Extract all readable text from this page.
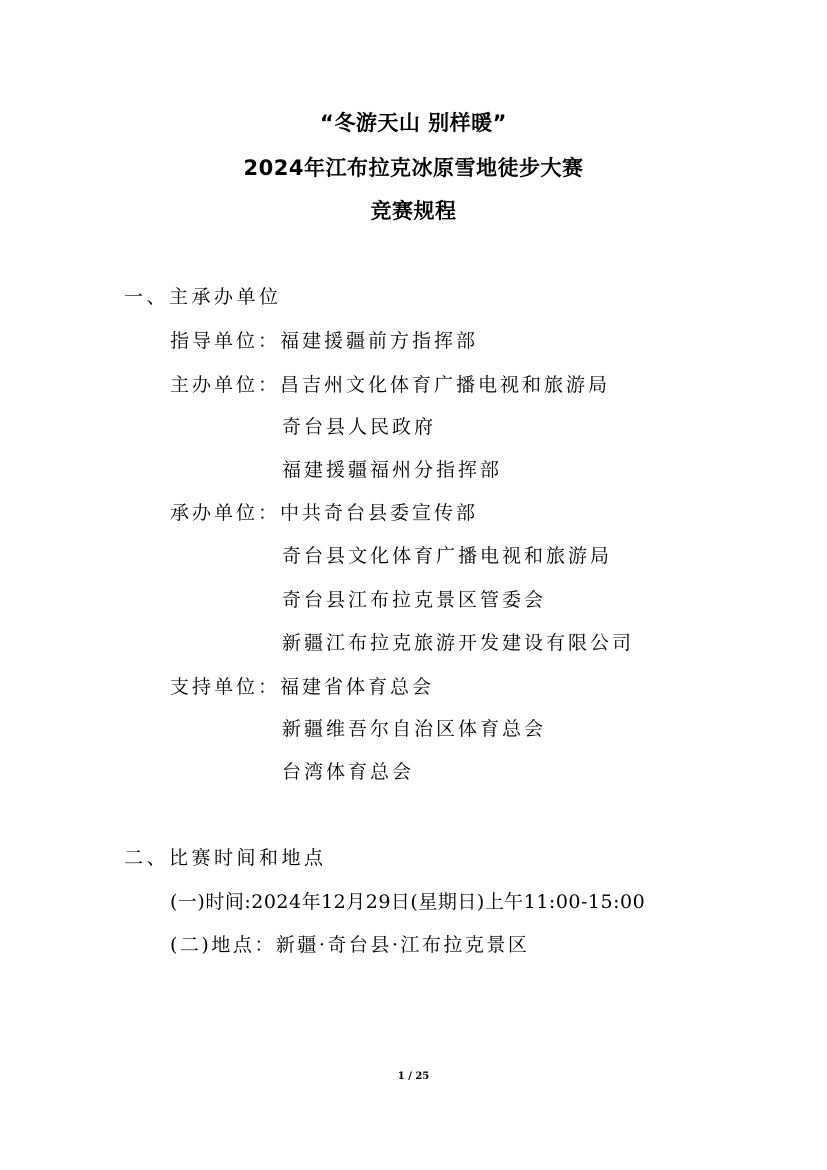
“冬游天山 别样暖”
2024年江布拉克冰原雪地徒步大赛
竞赛规程
一、主承办单位
指导单位：福建援疆前方指挥部
主办单位：昌吉州文化体育广播电视和旅游局
奇台县人民政府
福建援疆福州分指挥部
承办单位：中共奇台县委宣传部
奇台县文化体育广播电视和旅游局
奇台县江布拉克景区管委会
新疆江布拉克旅游开发建设有限公司
支持单位：福建省体育总会
新疆维吾尔自治区体育总会
台湾体育总会
二、比赛时间和地点
(一)时间:2024年12月29日(星期日)上午11:00-15:00
(二)地点：新疆·奇台县·江布拉克景区
1 / 25
